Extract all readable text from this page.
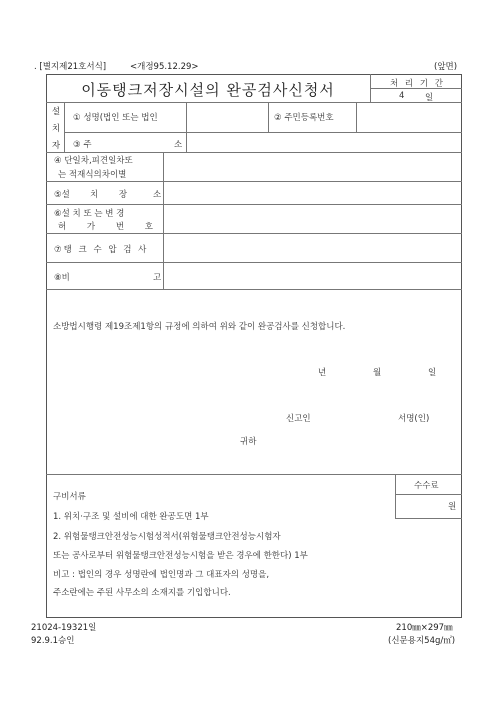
. [별지제21호서식]	<개정95.12.29>	(앞면)
이동탱크저장시설의 완공검사신청서	처 리 기 간
4 일
설
치
자
① 성명(법인 또는 법인	② 주민등록번호
③ 주	소
④ 단일차,피견일차또
는 적재식의차이별
⑤설 치 장 소
⑥설 치 또 는 변 경
허 가 번 호
⑦탱 크 수 압 검 사
⑧비	고
소방법시행령 제19조제1항의 규정에 의하여 위와 같이 완공검사를 신청합니다.
년	월	일
신고인	서명(인)
귀하
수수료
원
구비서류
1. 위치·구조 및 설비에 대한 완공도면 1부
2. 위험물탱크안전성능시험성적서(위험물탱크안전성능시험자
또는 공사로부터 위험물탱크안전성능시험을 받은 경우에 한한다) 1부
비고 : 법인의 경우 성명란에 법인명과 그 대표자의 성명을,
주소란에는 주된 사무소의 소재지를 기입합니다.
21024-19321일
92.9.1승인
210㎜×297㎜
(신문용지54g/㎡)
